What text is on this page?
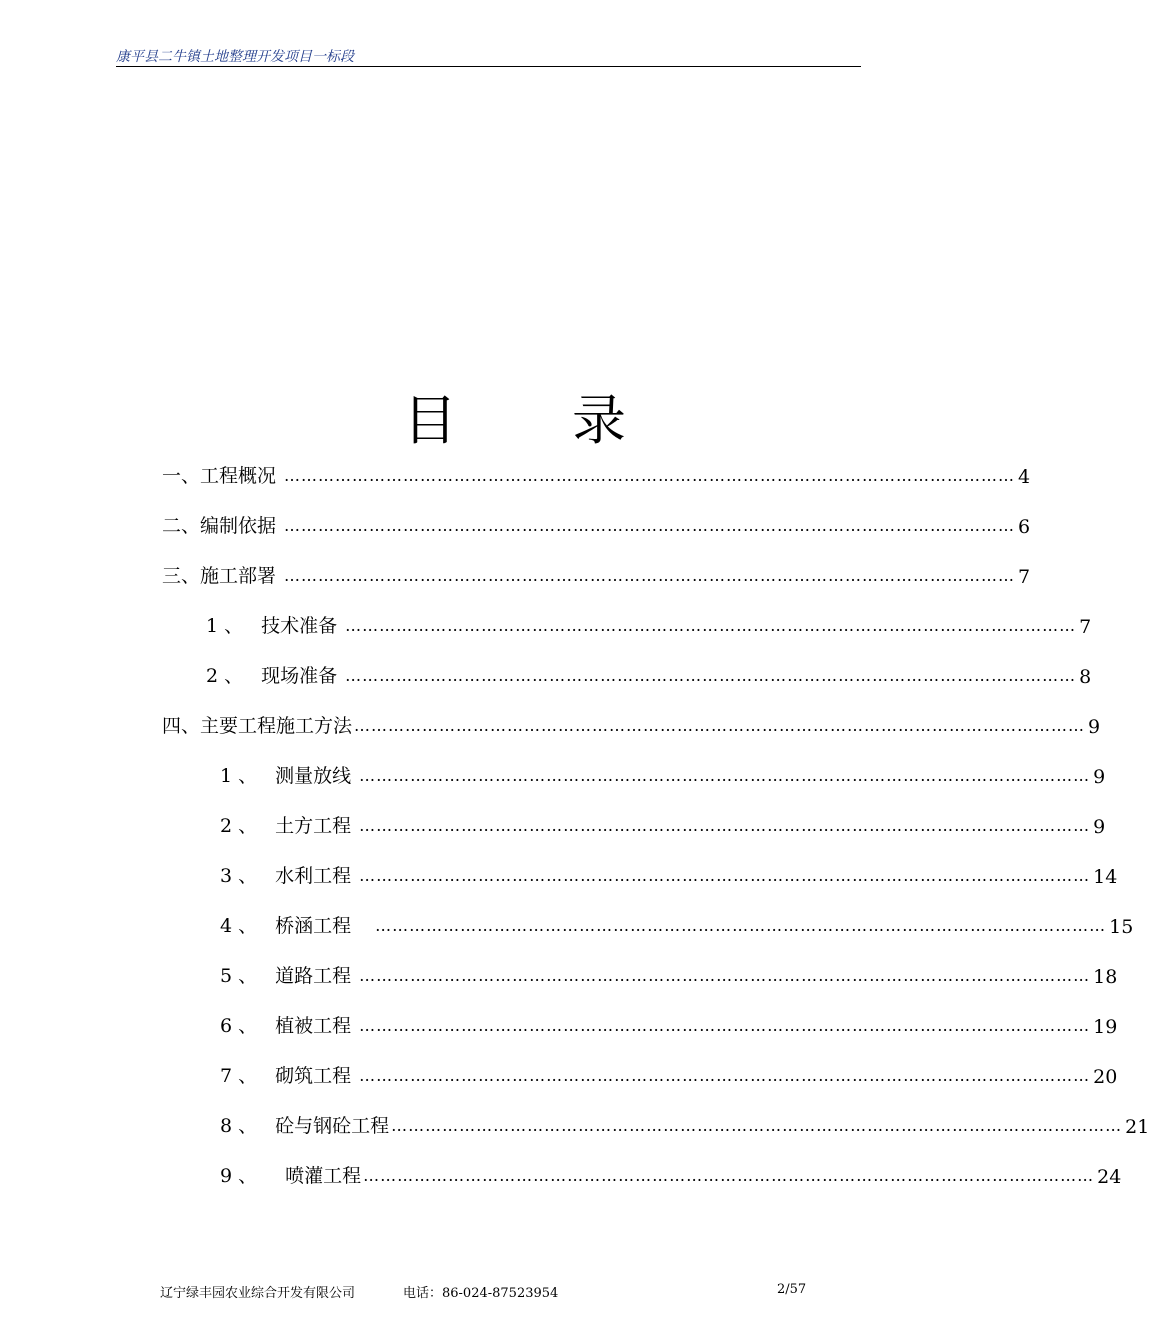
康平县二牛镇土地整理开发项目一标段
目 录
一、 工程概况 ………………………………………………………………………………………………………………… 4
二、 编制依据 ………………………………………………………………………………………………………………… 6
三、 施工部署 ………………………………………………………………………………………………………………… 7
1 、 技术准备 ………………………………………………………………………………………………………………… 7
2 、 现场准备 ………………………………………………………………………………………………………………… 8
四、 主要工程施工方法 ………………………………………………………………………………………………………………… 9
1 、 测量放线 ………………………………………………………………………………………………………………… 9
2 、 土方工程 ………………………………………………………………………………………………………………… 9
3 、 水利工程 ………………………………………………………………………………………………………………… 14
4 、 桥涵工程 ………………………………………………………………………………………………………………… 15
5 、 道路工程 ………………………………………………………………………………………………………………… 18
6 、 植被工程 ………………………………………………………………………………………………………………… 19
7 、 砌筑工程 ………………………………………………………………………………………………………………… 20
8 、 砼与钢砼工程 ………………………………………………………………………………………………………………… 21
9 、 喷灌工程 ………………………………………………………………………………………………………………… 24
辽宁绿丰园农业综合开发有限公司	电话：86-024-87523954	2/57
